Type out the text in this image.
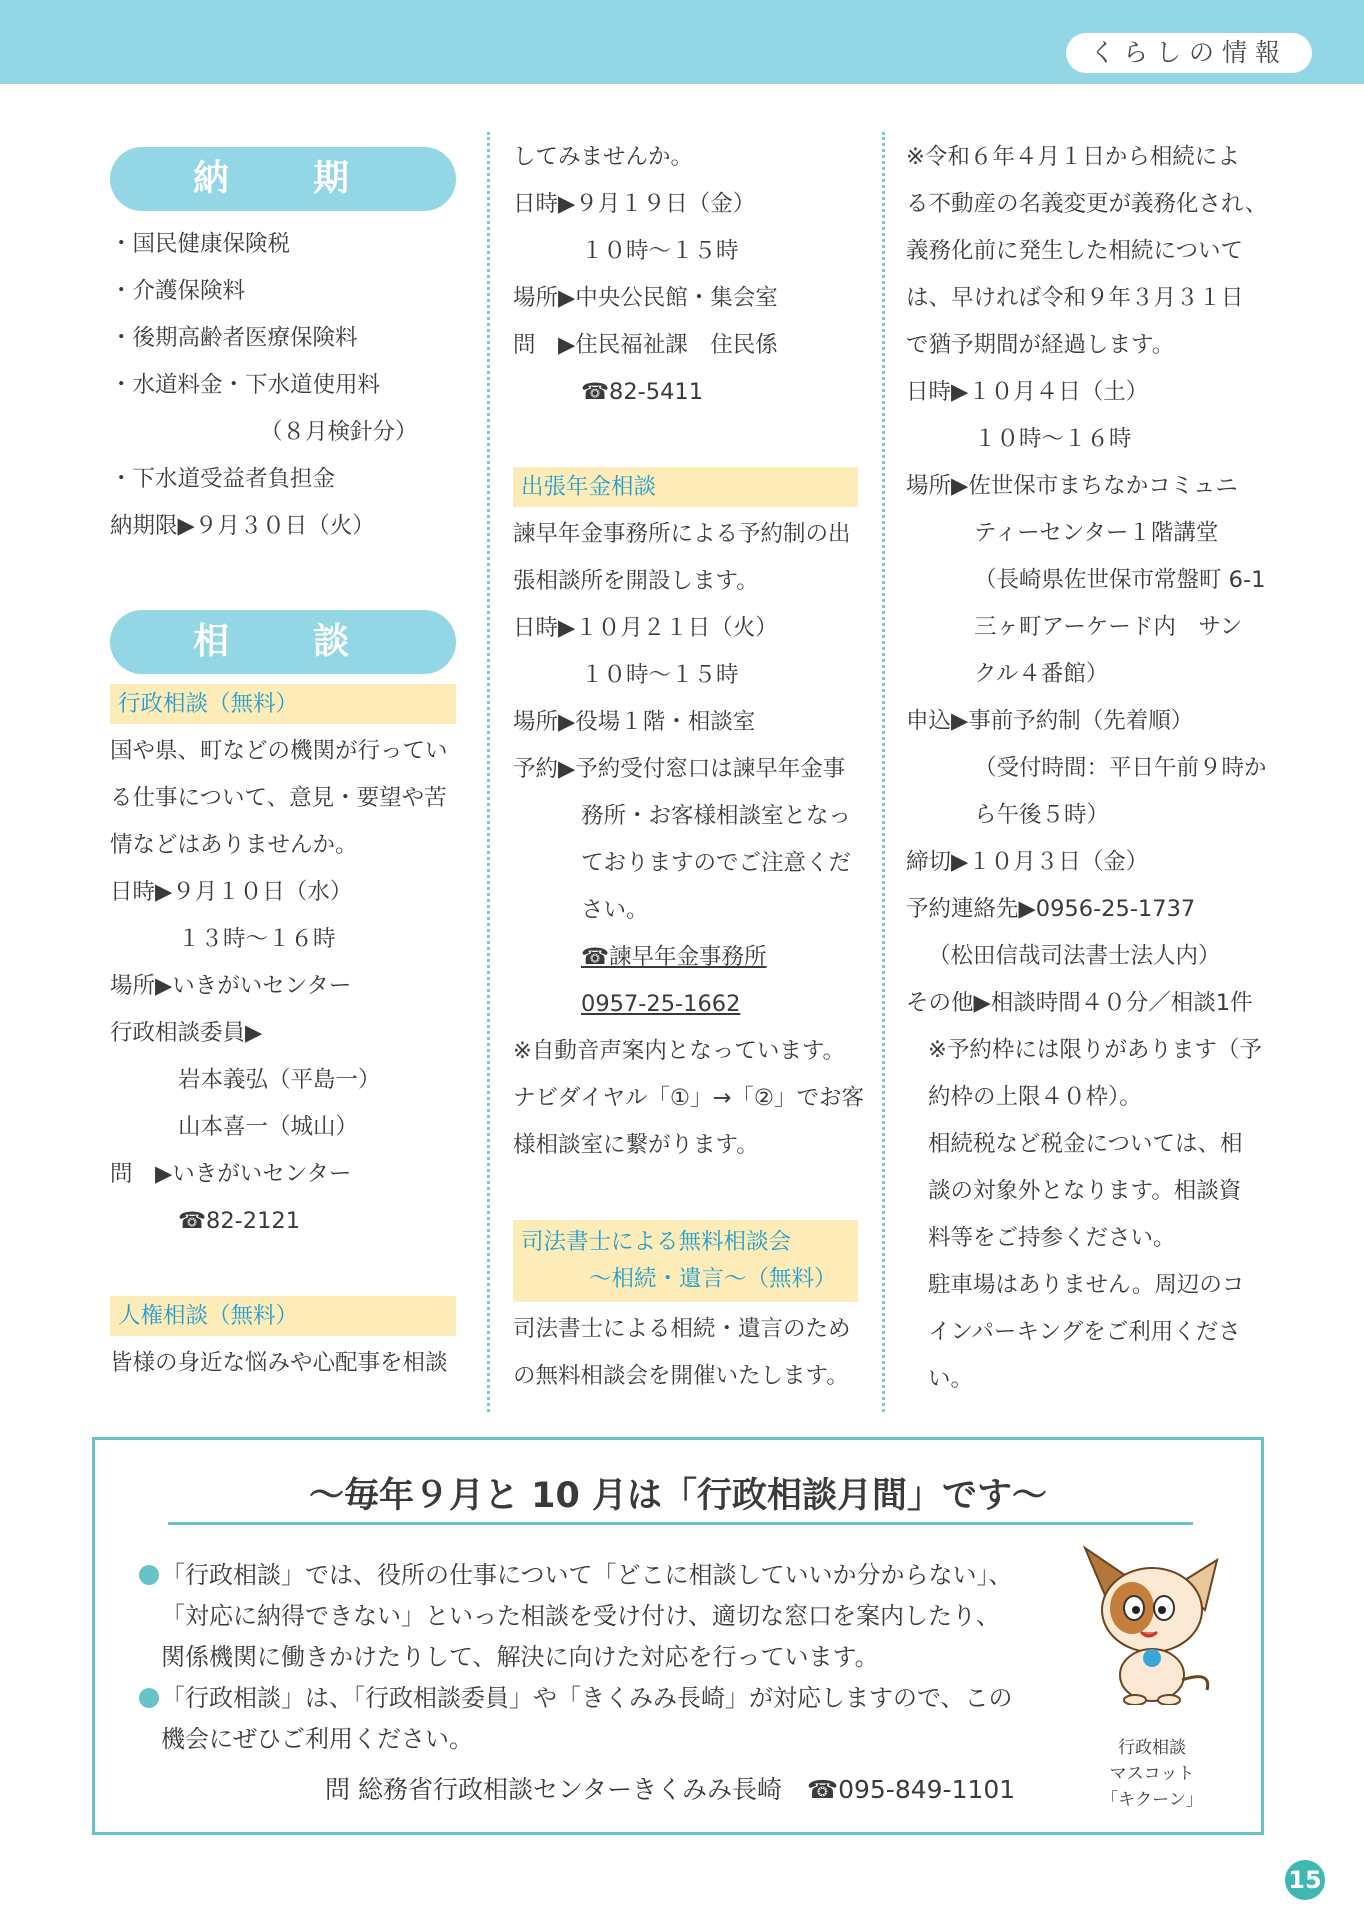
くらしの情報
納　期
・国民健康保険税
・介護保険料
・後期高齢者医療保険料
・水道料金・下水道使用料
（８月検針分）
・下水道受益者負担金
納期限▶９月３０日（火）
相　談
行政相談（無料）
国や県、町などの機関が行ってい
る仕事について、意見・要望や苦
情などはありませんか。
日時▶９月１０日（水）
１３時～１６時
場所▶いきがいセンター
行政相談委員▶
岩本義弘（平島一）
山本喜一（城山）
問　▶いきがいセンター
☎82-2121
人権相談（無料）
皆様の身近な悩みや心配事を相談
してみませんか。
日時▶９月１９日（金）
１０時～１５時
場所▶中央公民館・集会室
問　▶住民福祉課　住民係
☎82-5411
出張年金相談
諫早年金事務所による予約制の出
張相談所を開設します。
日時▶１０月２１日（火）
１０時～１５時
場所▶役場１階・相談室
予約▶予約受付窓口は諫早年金事
務所・お客様相談室となっ
ておりますのでご注意くだ
さい。
☎諫早年金事務所
0957-25-1662
※自動音声案内となっています。
ナビダイヤル「①」→「②」でお客
様相談室に繋がります。
司法書士による無料相談会
～相続・遺言～（無料）
司法書士による相続・遺言のため
の無料相談会を開催いたします。
※令和６年４月１日から相続によ
る不動産の名義変更が義務化され、
義務化前に発生した相続について
は、早ければ令和９年３月３１日
で猶予期間が経過します。
日時▶１０月４日（土）
１０時～１６時
場所▶佐世保市まちなかコミュニ
ティーセンター１階講堂
（長崎県佐世保市常盤町 6-1
三ヶ町アーケード内　サン
クル４番館）
申込▶事前予約制（先着順）
（受付時間：平日午前９時か
ら午後５時）
締切▶１０月３日（金）
予約連絡先▶0956-25-1737
（松田信哉司法書士法人内）
その他▶相談時間４０分／相談1件
※予約枠には限りがあります（予
約枠の上限４０枠）。
相続税など税金については、相
談の対象外となります。相談資
料等をご持参ください。
駐車場はありません。周辺のコ
インパーキングをご利用くださ
い。
～毎年９月と 10 月は「行政相談月間」です～
「行政相談」では、役所の仕事について「どこに相談していいか分からない」、
「対応に納得できない」といった相談を受け付け、適切な窓口を案内したり、
関係機関に働きかけたりして、解決に向けた対応を行っています。
「行政相談」は、「行政相談委員」や「きくみみ長崎」が対応しますので、この
機会にぜひご利用ください。
問 総務省行政相談センターきくみみ長崎　☎095-849-1101
行政相談
マスコット
「キクーン」
15
